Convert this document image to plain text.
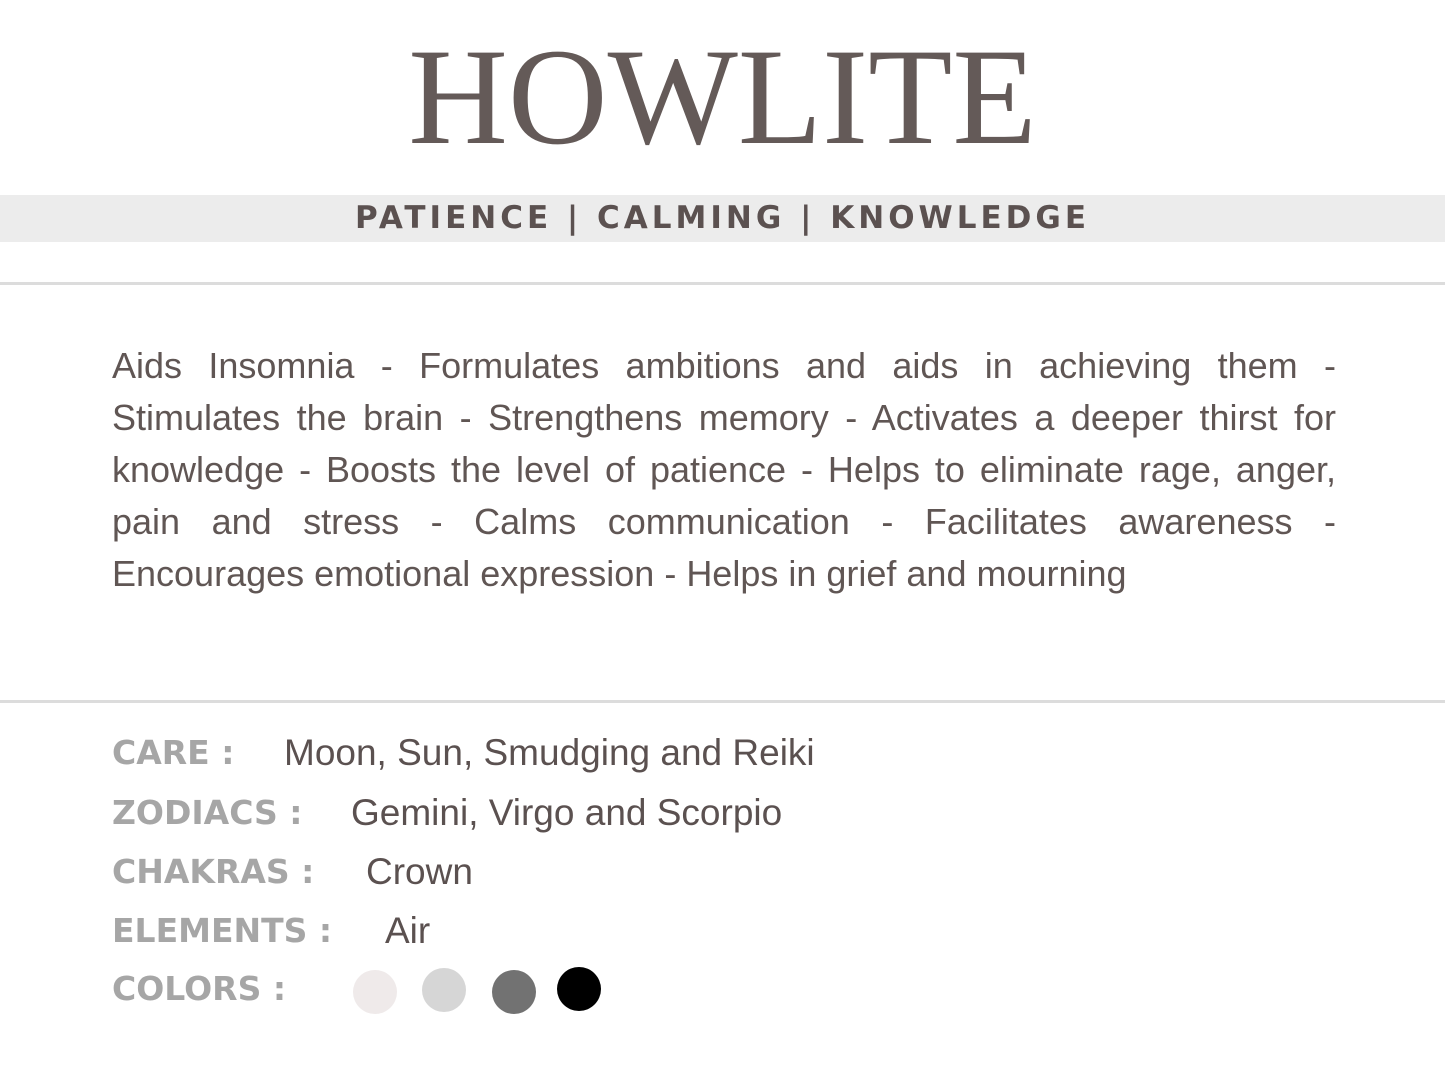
HOWLITE
PATIENCE | CALMING | KNOWLEDGE

Aids Insomnia - Formulates ambitions and aids in achieving them - Stimulates the brain - Strengthens memory - Activates a deeper thirst for knowledge - Boosts the level of patience - Helps to eliminate rage, anger, pain and stress - Calms communication - Facilitates awareness - Encourages emotional expression - Helps in grief and mourning

CARE : Moon, Sun, Smudging and Reiki
ZODIACS : Gemini, Virgo and Scorpio
CHAKRAS : Crown
ELEMENTS : Air
COLORS :
